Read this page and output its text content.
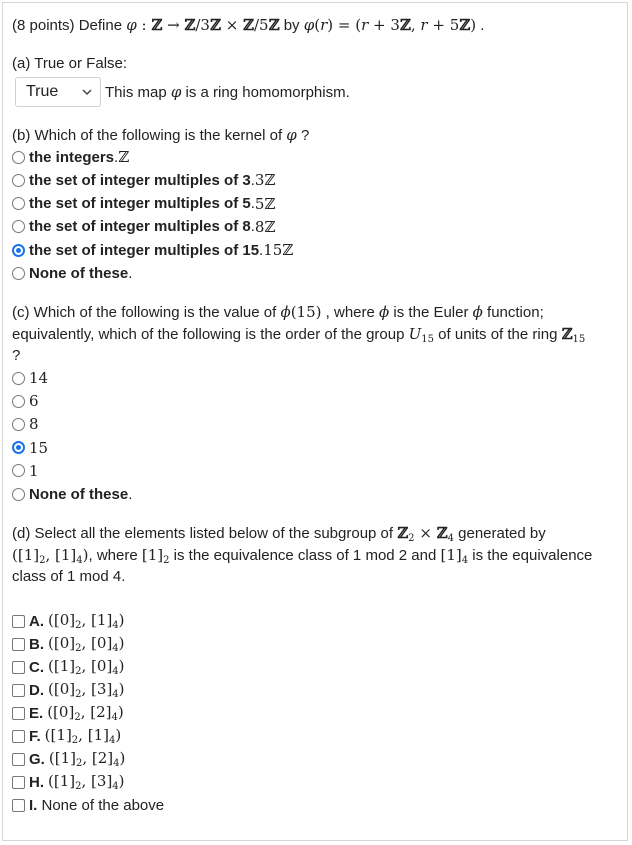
(8 points) Define φ : ℤ → ℤ/3ℤ × ℤ/5ℤ by φ(r) = (r + 3ℤ, r + 5ℤ) .
(a) True or False:
True	This map φ is a ring homomorphism.
(b) Which of the following is the kernel of φ ?
the integers . ℤ
the set of integer multiples of 3 . 3ℤ
the set of integer multiples of 5 . 5ℤ
the set of integer multiples of 8 . 8ℤ
the set of integer multiples of 15 . 15ℤ
None of these .
(c) Which of the following is the value of ϕ(15) , where ϕ is the Euler ϕ function;
equivalently, which of the following is the order of the group $U_{15}$ of units of the ring ℤ$_{15}$
?
14
6
8
15
1
None of these .
(d) Select all the elements listed below of the subgroup of ℤ$_2$ × ℤ$_4$ generated by
($[1]_2$, $[1]_4$), where $[1]_2$ is the equivalence class of 1 mod 2 and $[1]_4$ is the equivalence
class of 1 mod 4.
A. ($[0]_2$, $[1]_4$)
B. ($[0]_2$, $[0]_4$)
C. ($[1]_2$, $[0]_4$)
D. ($[0]_2$, $[3]_4$)
E. ($[0]_2$, $[2]_4$)
F. ($[1]_2$, $[1]_4$)
G. ($[1]_2$, $[2]_4$)
H. ($[1]_2$, $[3]_4$)
I. None of the above
